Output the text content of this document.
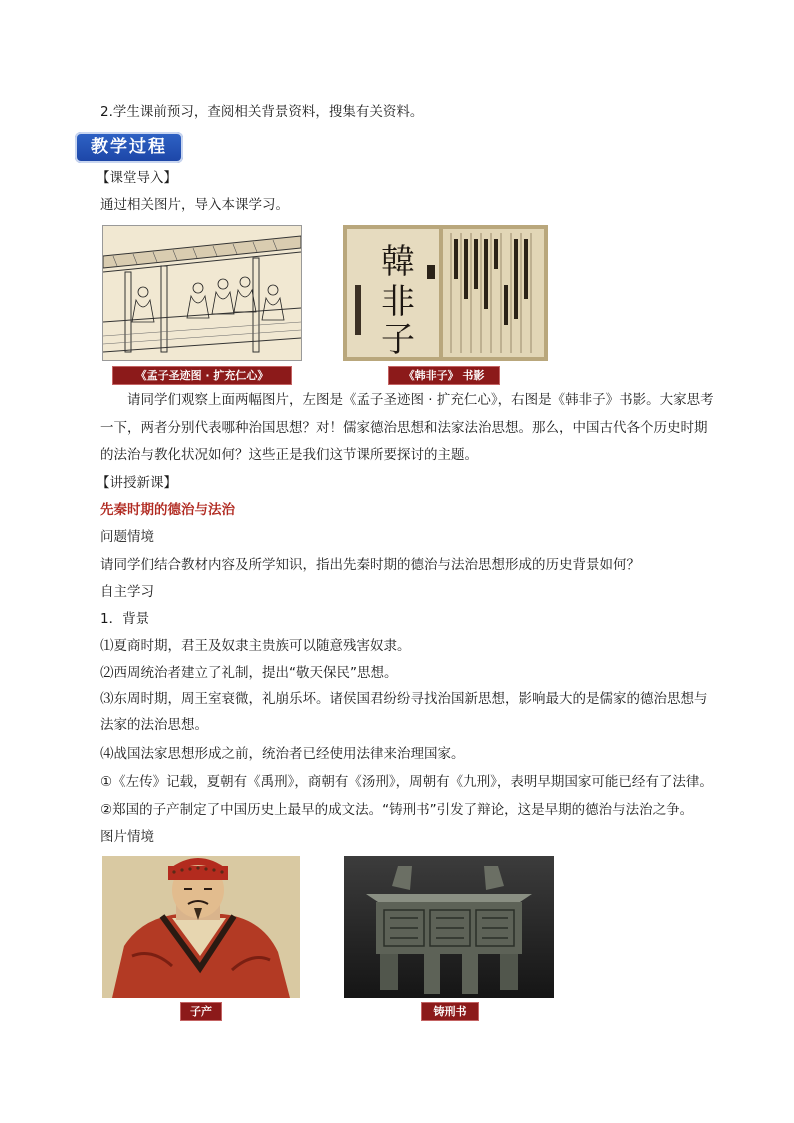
2.学生课前预习，查阅相关背景资料，搜集有关资料。
教学过程
【课堂导入】
通过相关图片，导入本课学习。
《孟子圣迹图 · 扩充仁心》
韓
非
子
《韩非子》 书影
请同学们观察上面两幅图片，左图是《孟子圣迹图 · 扩充仁心》，右图是《韩非子》书影。大家思考一下，两者分别代表哪种治国思想？对！儒家德治思想和法家法治思想。那么，中国古代各个历史时期的法治与教化状况如何？这些正是我们这节课所要探讨的主题。
【讲授新课】
先秦时期的德治与法治
问题情境
请同学们结合教材内容及所学知识，指出先秦时期的德治与法治思想形成的历史背景如何？
自主学习
1．背景
⑴夏商时期，君王及奴隶主贵族可以随意残害奴隶。
⑵西周统治者建立了礼制，提出“敬天保民”思想。
⑶东周时期，周王室衰微，礼崩乐坏。诸侯国君纷纷寻找治国新思想，影响最大的是儒家的德治思想与法家的法治思想。
⑷战国法家思想形成之前，统治者已经使用法律来治理国家。
①《左传》记载，夏朝有《禹刑》，商朝有《汤刑》，周朝有《九刑》，表明早期国家可能已经有了法律。
②郑国的子产制定了中国历史上最早的成文法。“铸刑书”引发了辩论，这是早期的德治与法治之争。
图片情境
子产	铸刑书
